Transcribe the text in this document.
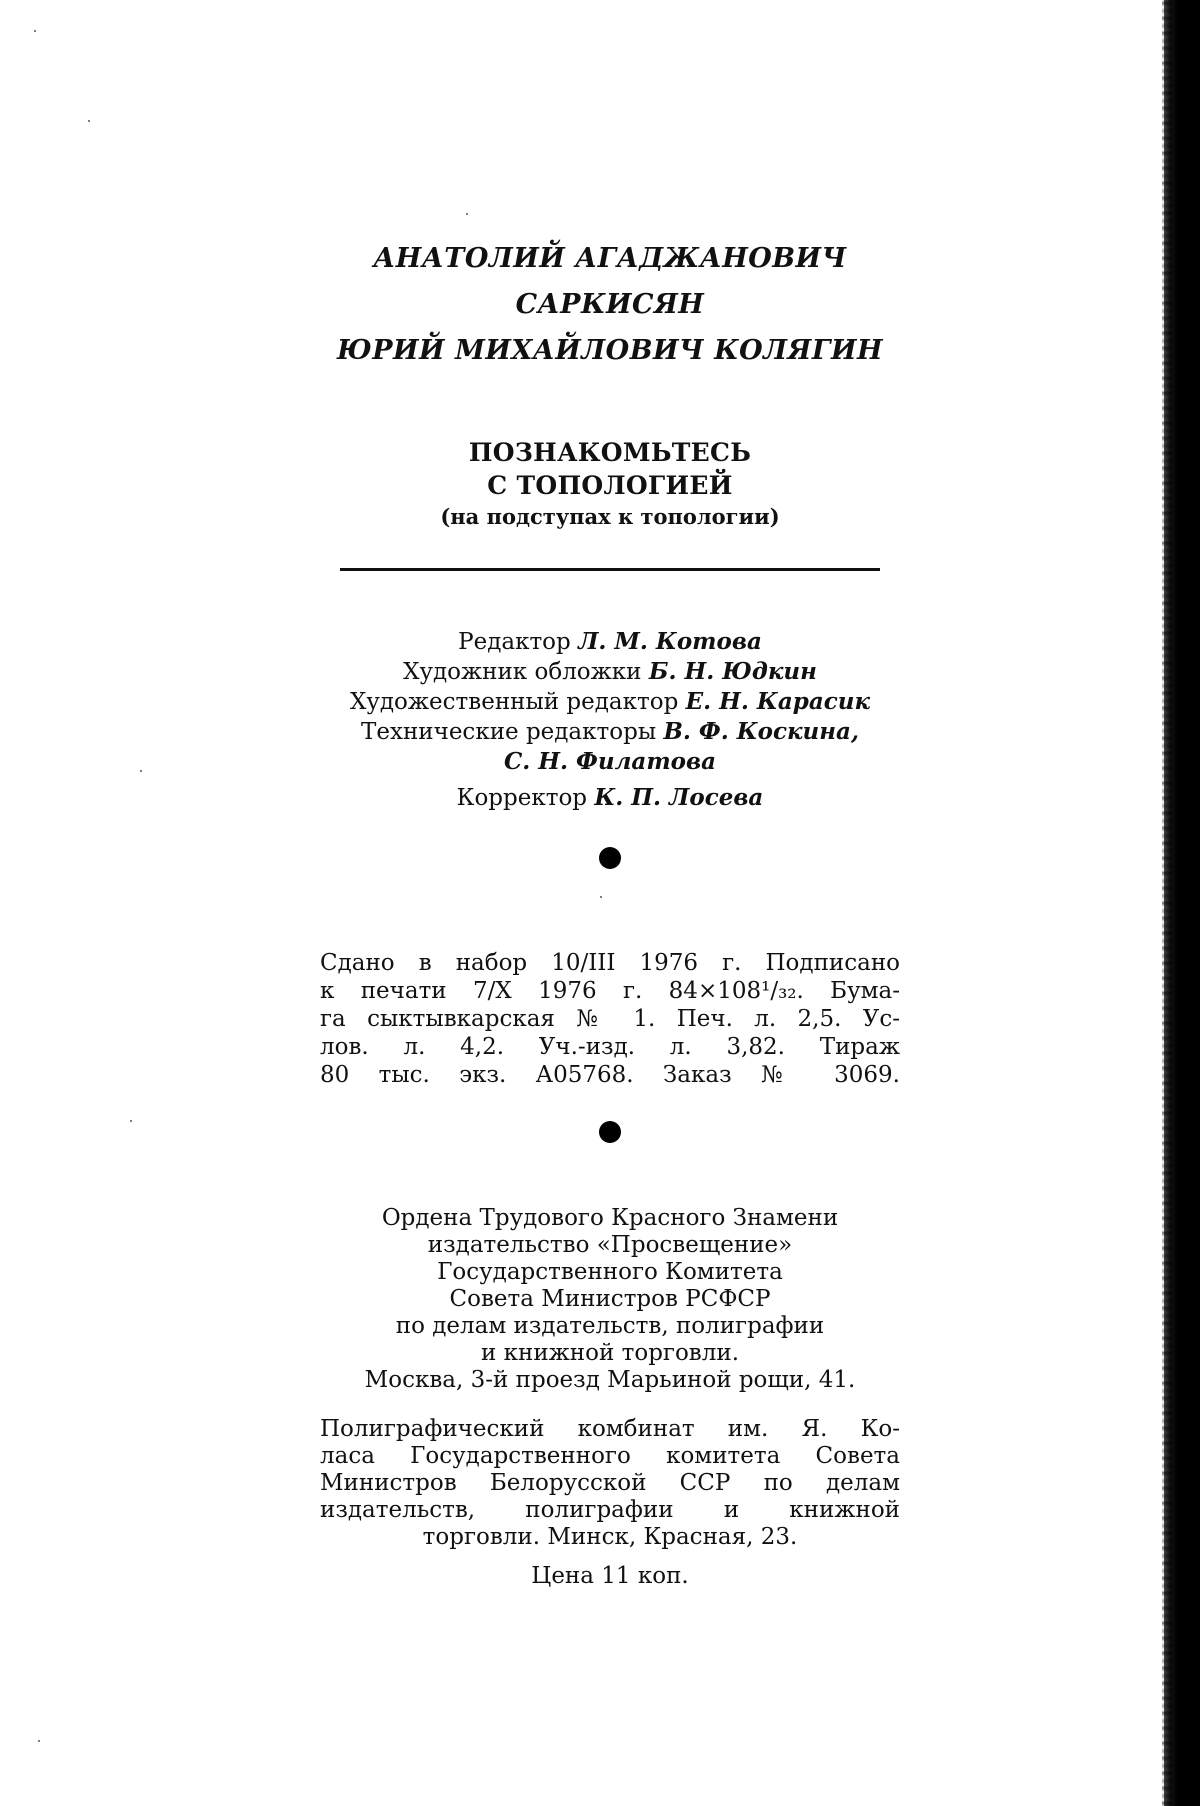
АНАТОЛИЙ АГАДЖАНОВИЧ САРКИСЯН
ЮРИЙ МИХАЙЛОВИЧ КОЛЯГИН
ПОЗНАКОМЬТЕСЬ
С ТОПОЛОГИЕЙ
(на подступах к топологии)
Редактор Л. М. Котова
Художник обложки Б. Н. Юдкин
Художественный редактор Е. Н. Карасик
Технические редакторы В. Ф. Коскина,
С. Н. Филатова
Корректор К. П. Лосева
Сдано в набор 10/III 1976 г. Подписано
к печати 7/X 1976 г. 84×108¹/₃₂. Бума-
га сыктывкарская № 1. Печ. л. 2,5. Ус-
лов. л. 4,2. Уч.-изд. л. 3,82. Тираж
80 тыс. экз. А05768. Заказ № 3069.
Ордена Трудового Красного Знамени
издательство «Просвещение»
Государственного Комитета
Совета Министров РСФСР
по делам издательств, полиграфии
и книжной торговли.
Москва, 3-й проезд Марьиной рощи, 41.
Полиграфический комбинат им. Я. Ко-
ласа Государственного комитета Совета
Министров Белорусской ССР по делам
издательств, полиграфии и книжной
торговли. Минск, Красная, 23.
Цена 11 коп.
